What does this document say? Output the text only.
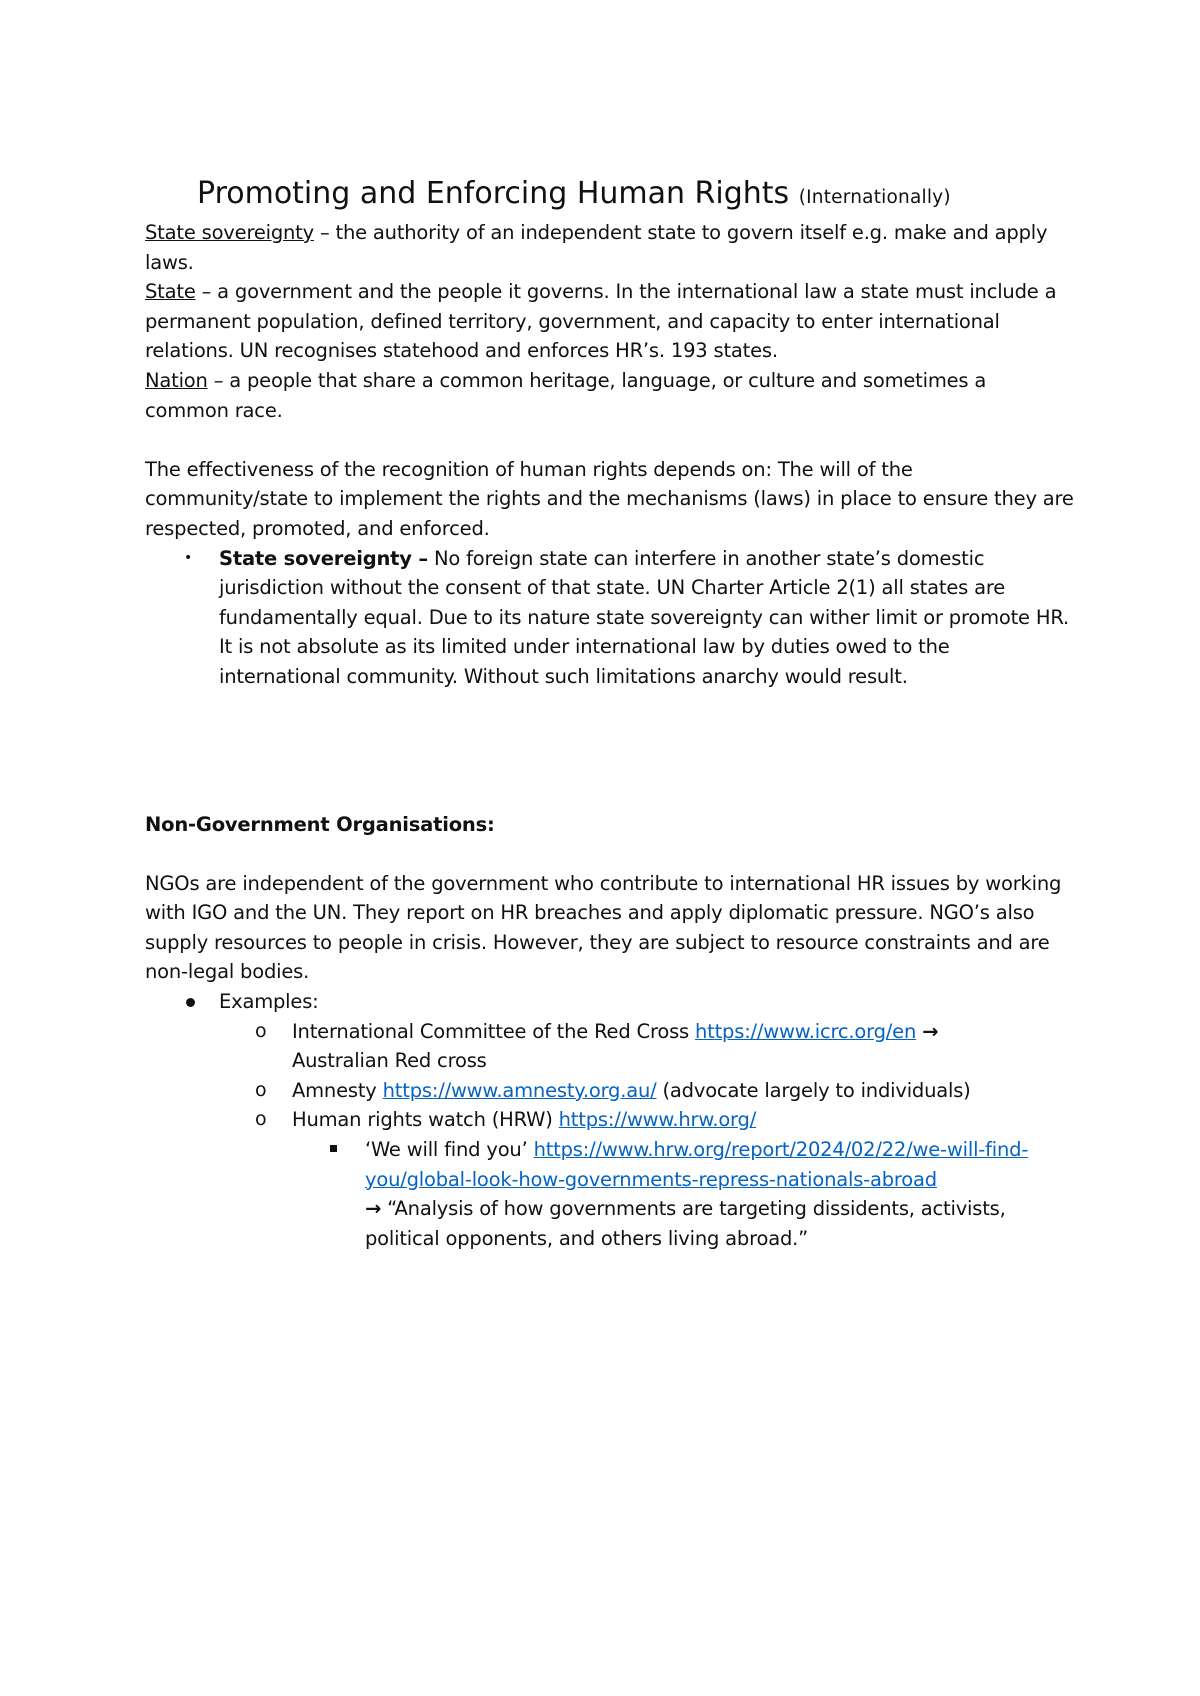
Promoting and Enforcing Human Rights (Internationally)

State sovereignty – the authority of an independent state to govern itself e.g. make and apply laws.

State – a government and the people it governs. In the international law a state must include a permanent population, defined territory, government, and capacity to enter international relations. UN recognises statehood and enforces HR’s. 193 states.

Nation – a people that share a common heritage, language, or culture and sometimes a common race.

The effectiveness of the recognition of human rights depends on: The will of the community/state to implement the rights and the mechanisms (laws) in place to ensure they are respected, promoted, and enforced.

• State sovereignty – No foreign state can interfere in another state’s domestic jurisdiction without the consent of that state. UN Charter Article 2(1) all states are fundamentally equal. Due to its nature state sovereignty can wither limit or promote HR. It is not absolute as its limited under international law by duties owed to the international community. Without such limitations anarchy would result.

Non-Government Organisations:

NGOs are independent of the government who contribute to international HR issues by working with IGO and the UN. They report on HR breaches and apply diplomatic pressure. NGO’s also supply resources to people in crisis. However, they are subject to resource constraints and are non-legal bodies.

Examples:
o International Committee of the Red Cross https://www.icrc.org/en →
Australian Red cross
o Amnesty https://www.amnesty.org.au/ (advocate largely to individuals)
o Human rights watch (HRW) https://www.hrw.org/
‘We will find you’ https://www.hrw.org/report/2024/02/22/we-will-find-you/global-look-how-governments-repress-nationals-abroad
→ “Analysis of how governments are targeting dissidents, activists, political opponents, and others living abroad.”
